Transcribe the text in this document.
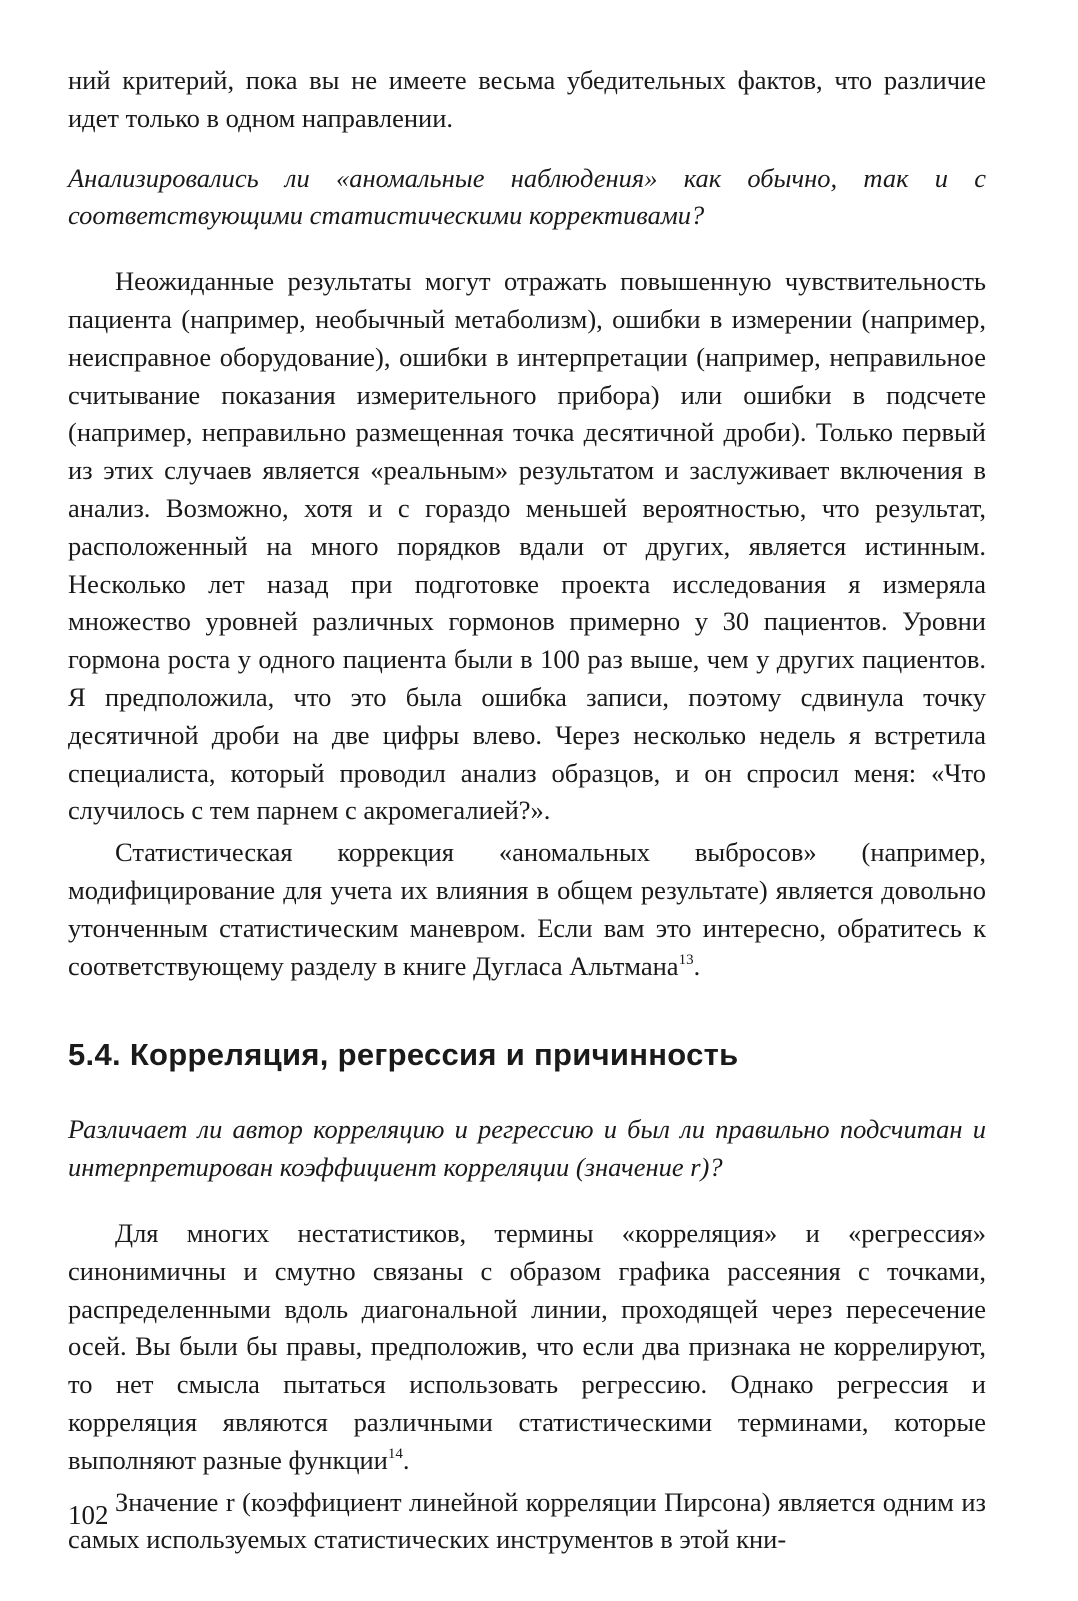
ний критерий, пока вы не имеете весьма убедительных фактов, что различие идет только в одном направлении.

Анализировались ли «аномальные наблюдения» как обычно, так и с соответствующими статистическими коррективами?

Неожиданные результаты могут отражать повышенную чувствительность пациента (например, необычный метаболизм), ошибки в измерении (например, неисправное оборудование), ошибки в интерпретации (например, неправильное считывание показания измерительного прибора) или ошибки в подсчете (например, неправильно размещенная точка десятичной дроби). Только первый из этих случаев является «реальным» результатом и заслуживает включения в анализ. Возможно, хотя и с гораздо меньшей вероятностью, что результат, расположенный на много порядков вдали от других, является истинным. Несколько лет назад при подготовке проекта исследования я измеряла множество уровней различных гормонов примерно у 30 пациентов. Уровни гормона роста у одного пациента были в 100 раз выше, чем у других пациентов. Я предположила, что это была ошибка записи, поэтому сдвинула точку десятичной дроби на две цифры влево. Через несколько недель я встретила специалиста, который проводил анализ образцов, и он спросил меня: «Что случилось с тем парнем с акромегалией?».

Статистическая коррекция «аномальных выбросов» (например, модифицирование для учета их влияния в общем результате) является довольно утонченным статистическим маневром. Если вам это интересно, обратитесь к соответствующему разделу в книге Дугласа Альтмана$^{13}$.

5.4. Корреляция, регрессия и причинность

Различает ли автор корреляцию и регрессию и был ли правильно подсчитан и интерпретирован коэффициент корреляции (значение r)?

Для многих нестатистиков, термины «корреляция» и «регрессия» синонимичны и смутно связаны с образом графика рассеяния с точками, распределенными вдоль диагональной линии, проходящей через пересечение осей. Вы были бы правы, предположив, что если два признака не коррелируют, то нет смысла пытаться использовать регрессию. Однако регрессия и корреляция являются различными статистическими терминами, которые выполняют разные функции$^{14}$.

Значение r (коэффициент линейной корреляции Пирсона) является одним из самых используемых статистических инструментов в этой кни-

102
